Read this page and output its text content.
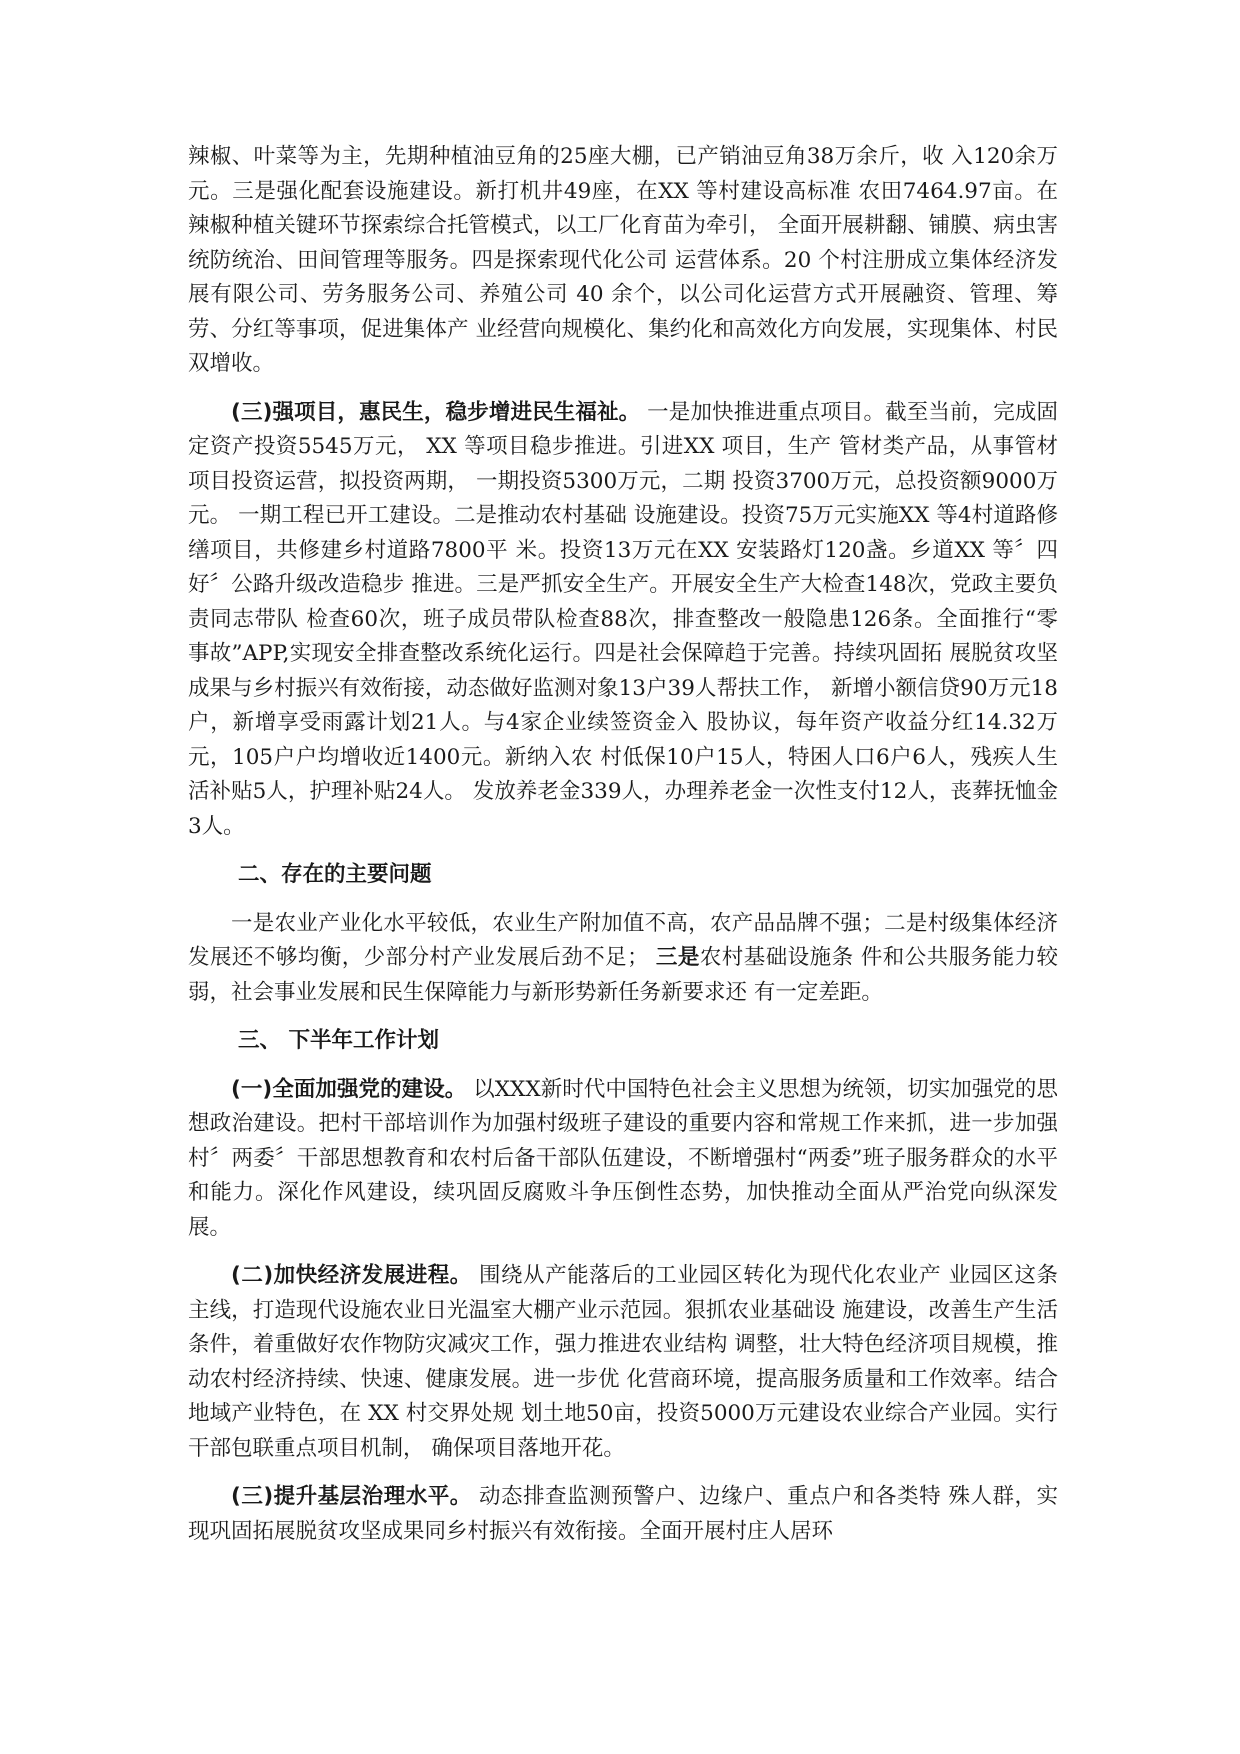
辣椒、叶菜等为主，先期种植油豆角的25座大棚，已产销油豆角38万余斤，收 入120余万元。三是强化配套设施建设。新打机井49座，在XX 等村建设高标准 农田7464.97亩。在辣椒种植关键环节探索综合托管模式，以工厂化育苗为牵引， 全面开展耕翻、铺膜、病虫害统防统治、田间管理等服务。四是探索现代化公司 运营体系。20 个村注册成立集体经济发展有限公司、劳务服务公司、养殖公司 40 余个，以公司化运营方式开展融资、管理、筹劳、分红等事项，促进集体产 业经营向规模化、集约化和高效化方向发展，实现集体、村民双增收。

(三)强项目，惠民生，稳步增进民生福祉。 一是加快推进重点项目。截至当前，完成固定资产投资5545万元， XX 等项目稳步推进。引进XX 项目，生产 管材类产品，从事管材项目投资运营，拟投资两期， 一期投资5300万元，二期 投资3700万元，总投资额9000万元。 一期工程已开工建设。二是推动农村基础 设施建设。投资75万元实施XX 等4村道路修缮项目，共修建乡村道路7800平 米。投资13万元在XX 安装路灯120盏。乡道XX 等〞四好〞公路升级改造稳步 推进。三是严抓安全生产。开展安全生产大检查148次，党政主要负责同志带队 检查60次，班子成员带队检查88次，排查整改一般隐患126条。全面推行“零 事故”APP,实现安全排查整改系统化运行。四是社会保障趋于完善。持续巩固拓 展脱贫攻坚成果与乡村振兴有效衔接，动态做好监测对象13户39人帮扶工作， 新增小额信贷90万元18户，新增享受雨露计划21人。与4家企业续签资金入 股协议，每年资产收益分红14.32万元，105户户均增收近1400元。新纳入农 村低保10户15人，特困人口6户6人，残疾人生活补贴5人，护理补贴24人。 发放养老金339人，办理养老金一次性支付12人，丧葬抚恤金3人。

二、存在的主要问题

一是农业产业化水平较低，农业生产附加值不高，农产品品牌不强；二是村级集体经济发展还不够均衡，少部分村产业发展后劲不足； 三是农村基础设施条 件和公共服务能力较弱，社会事业发展和民生保障能力与新形势新任务新要求还 有一定差距。

三、 下半年工作计划

(一)全面加强党的建设。 以XXX新时代中国特色社会主义思想为统领，切实加强党的思想政治建设。把村干部培训作为加强村级班子建设的重要内容和常规工作来抓，进一步加强村〞两委〞干部思想教育和农村后备干部队伍建设，不断增强村“两委”班子服务群众的水平和能力。深化作风建设，续巩固反腐败斗争压倒性态势，加快推动全面从严治党向纵深发展。

(二)加快经济发展进程。 围绕从产能落后的工业园区转化为现代化农业产 业园区这条主线，打造现代设施农业日光温室大棚产业示范园。狠抓农业基础设 施建设，改善生产生活条件，着重做好农作物防灾减灾工作，强力推进农业结构 调整，壮大特色经济项目规模，推动农村经济持续、快速、健康发展。进一步优 化营商环境，提高服务质量和工作效率。结合地域产业特色，在 XX 村交界处规 划土地50亩，投资5000万元建设农业综合产业园。实行干部包联重点项目机制， 确保项目落地开花。

(三)提升基层治理水平。 动态排查监测预警户、边缘户、重点户和各类特 殊人群，实现巩固拓展脱贫攻坚成果同乡村振兴有效衔接。全面开展村庄人居环
